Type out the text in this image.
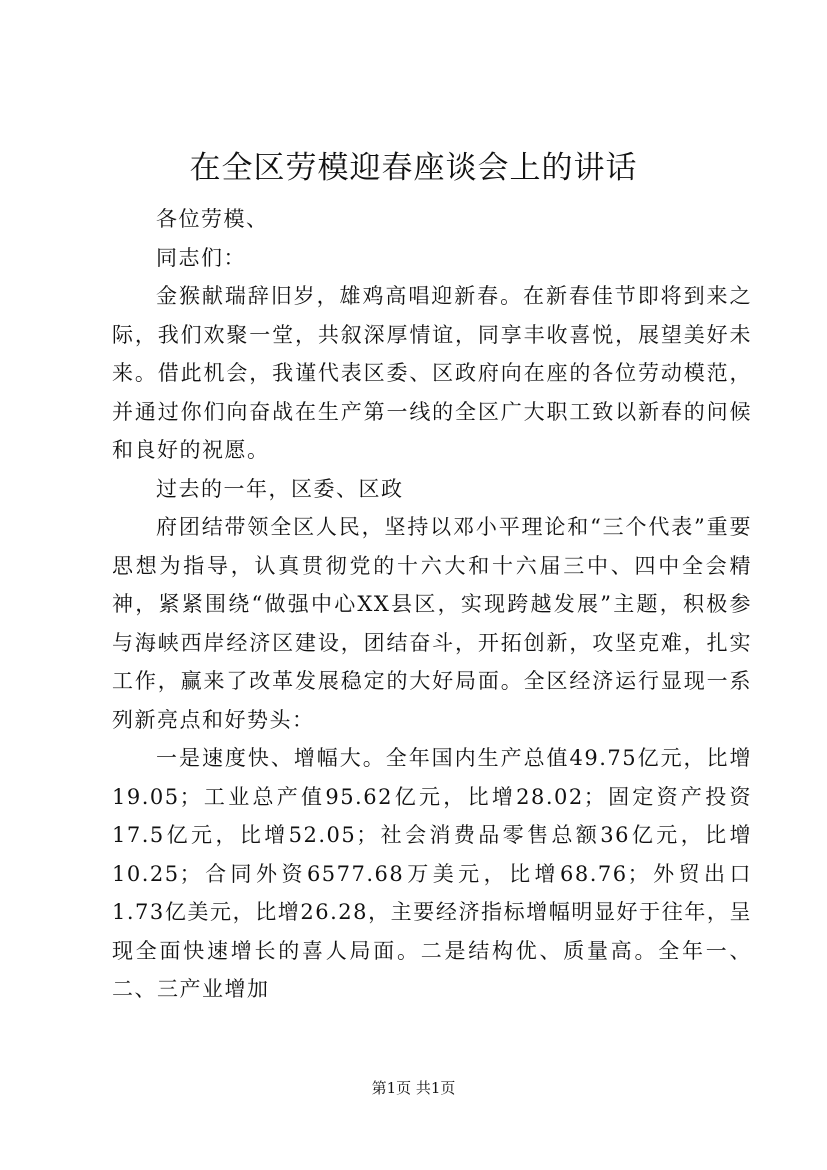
在全区劳模迎春座谈会上的讲话

各位劳模、

同志们：

金猴献瑞辞旧岁，雄鸡高唱迎新春。在新春佳节即将到来之际，我们欢聚一堂，共叙深厚情谊，同享丰收喜悦，展望美好未来。借此机会，我谨代表区委、区政府向在座的各位劳动模范，并通过你们向奋战在生产第一线的全区广大职工致以新春的问候和良好的祝愿。

过去的一年，区委、区政

府团结带领全区人民，坚持以邓小平理论和“三个代表”重要思想为指导，认真贯彻党的十六大和十六届三中、四中全会精神，紧紧围绕“做强中心XX县区，实现跨越发展”主题，积极参与海峡西岸经济区建设，团结奋斗，开拓创新，攻坚克难，扎实工作，赢来了改革发展稳定的大好局面。全区经济运行显现一系列新亮点和好势头：

一是速度快、增幅大。全年国内生产总值49.75亿元，比增19.05；工业总产值95.62亿元，比增28.02；固定资产投资17.5亿元，比增52.05；社会消费品零售总额36亿元，比增10.25；合同外资6577.68万美元，比增68.76；外贸出口1.73亿美元，比增26.28，主要经济指标增幅明显好于往年，呈现全面快速增长的喜人局面。二是结构优、质量高。全年一、二、三产业增加

第1页 共1页
